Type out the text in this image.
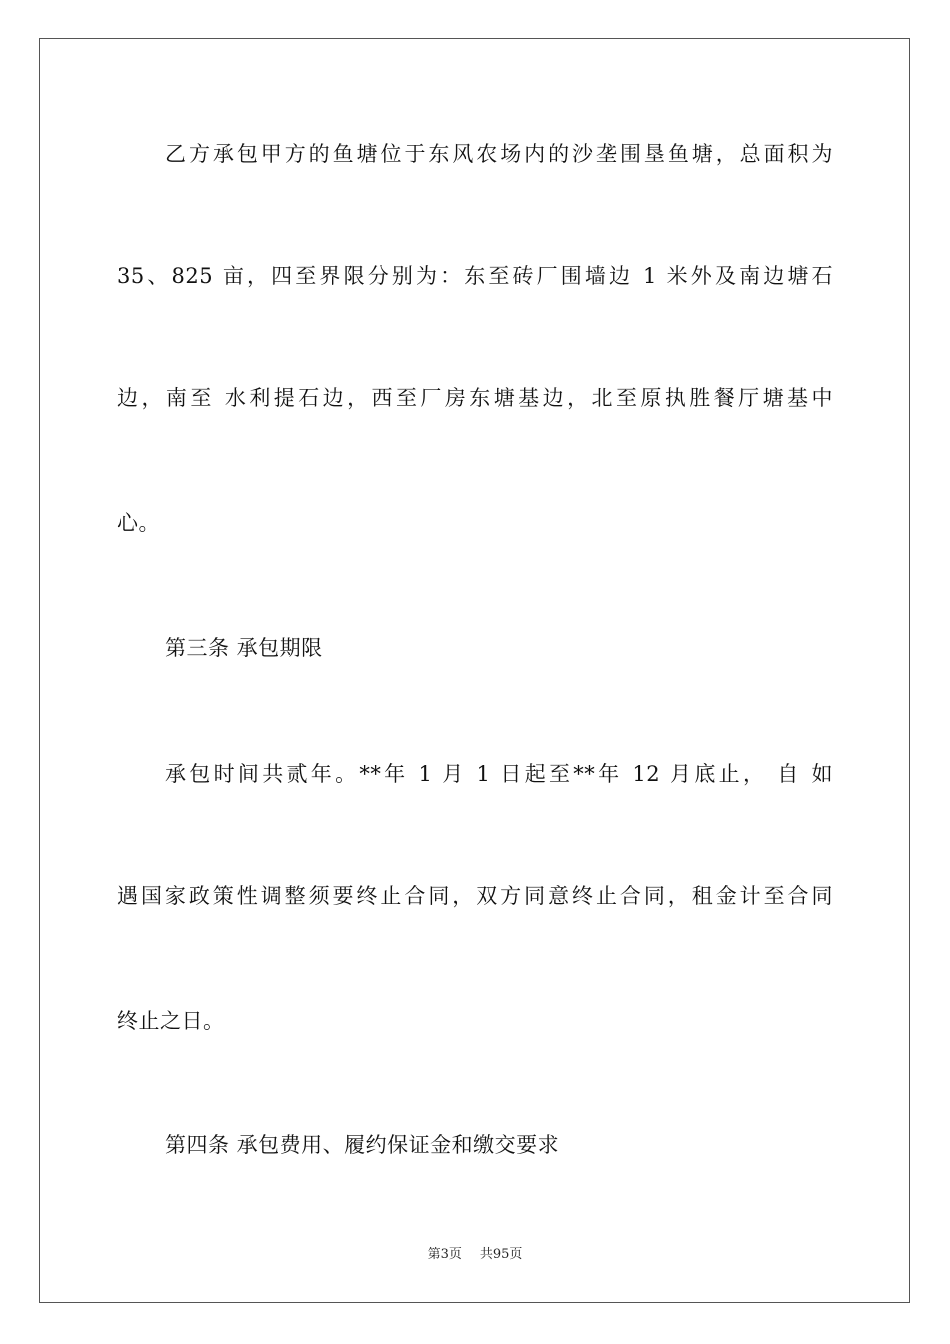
乙方承包甲方的鱼塘位于东风农场内的沙垄围垦鱼塘，总面积为
35、825 亩，四至界限分别为：东至砖厂围墙边 1 米外及南边塘石
边，南至 水利提石边，西至厂房东塘基边，北至原执胜餐厅塘基中
心。
第三条 承包期限
承包时间共贰年。**年 1 月 1 日起至**年 12 月底止， 自 如
遇国家政策性调整须要终止合同，双方同意终止合同，租金计至合同
终止之日。
第四条 承包费用、履约保证金和缴交要求
第3页 共95页
